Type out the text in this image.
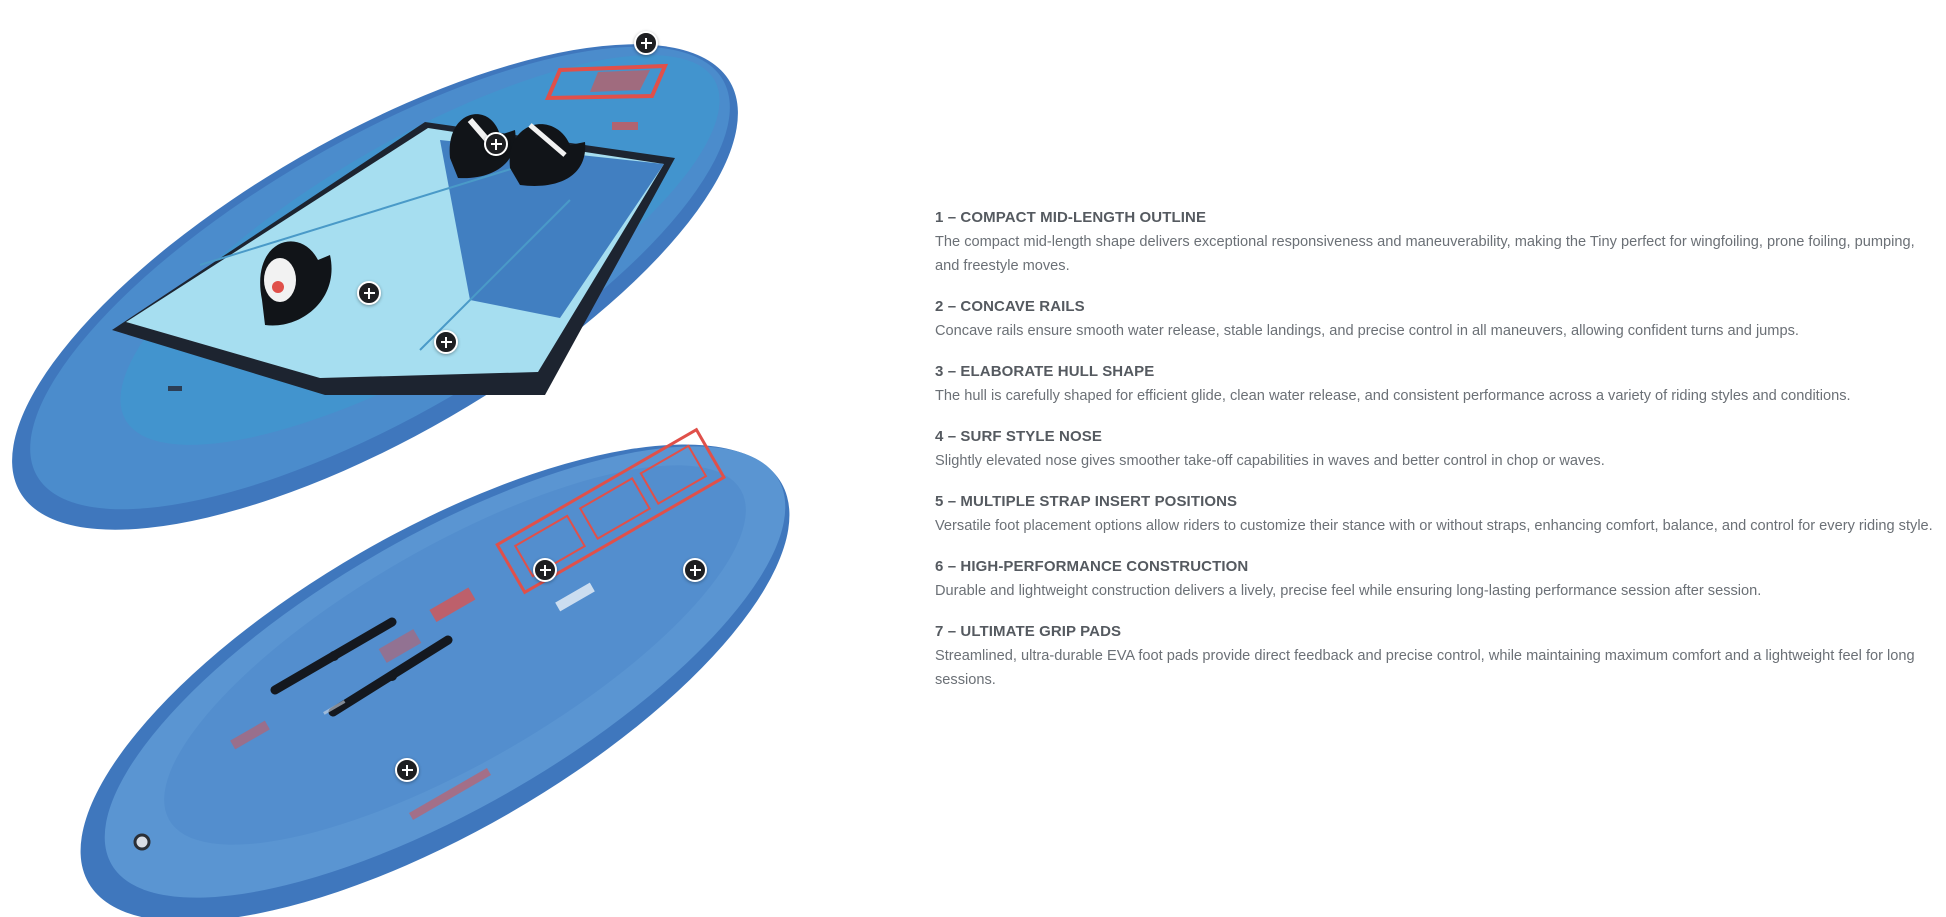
1 – COMPACT MID-LENGTH OUTLINE

The compact mid-length shape delivers exceptional responsiveness and maneuverability, making the Tiny perfect for wingfoiling, prone foiling, pumping, and freestyle moves.

2 – CONCAVE RAILS

Concave rails ensure smooth water release, stable landings, and precise control in all maneuvers, allowing confident turns and jumps.

3 – ELABORATE HULL SHAPE

The hull is carefully shaped for efficient glide, clean water release, and consistent performance across a variety of riding styles and conditions.

4 – SURF STYLE NOSE

Slightly elevated nose gives smoother take-off capabilities in waves and better control in chop or waves.

5 – MULTIPLE STRAP INSERT POSITIONS

Versatile foot placement options allow riders to customize their stance with or without straps, enhancing comfort, balance, and control for every riding style.

6 – HIGH-PERFORMANCE CONSTRUCTION

Durable and lightweight construction delivers a lively, precise feel while ensuring long-lasting performance session after session.

7 – ULTIMATE GRIP PADS

Streamlined, ultra-durable EVA foot pads provide direct feedback and precise control, while maintaining maximum comfort and a lightweight feel for long sessions.
